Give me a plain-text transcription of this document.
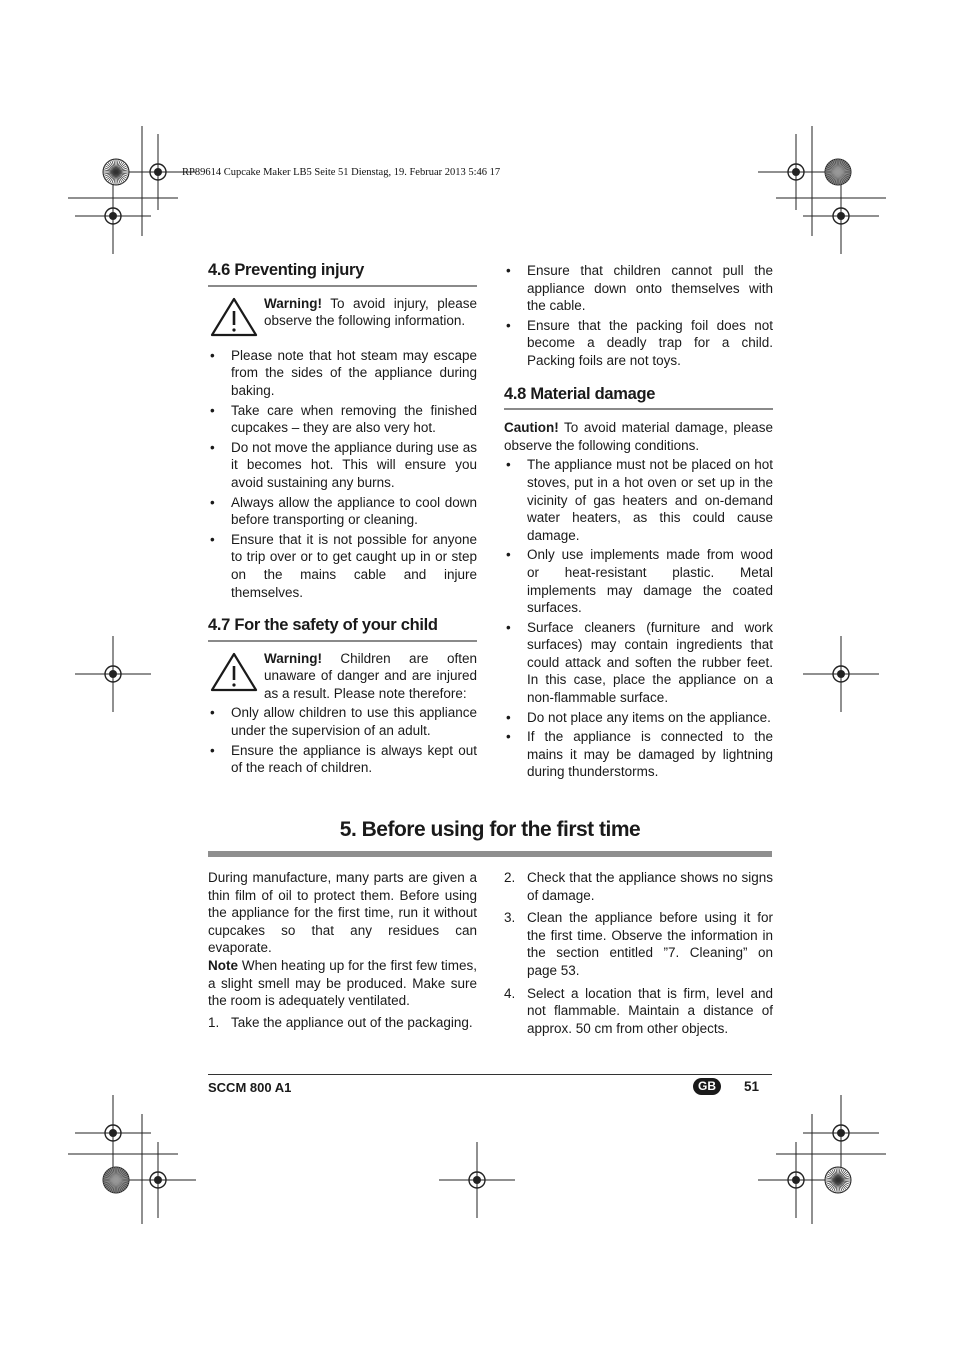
RP89614 Cupcake Maker LB5 Seite 51 Dienstag, 19. Februar 2013 5:46 17
4.6 Preventing injury
Warning! To avoid injury, please observe the following information.
• Please note that hot steam may escape from the sides of the appliance during baking.
• Take care when removing the finished cupcakes – they are also very hot.
• Do not move the appliance during use as it becomes hot. This will ensure you avoid sustaining any burns.
• Always allow the appliance to cool down before transporting or cleaning.
• Ensure that it is not possible for anyone to trip over or to get caught up in or step on the mains cable and injure themselves.
4.7 For the safety of your child
Warning! Children are often unaware of danger and are injured as a result. Please note therefore:
• Only allow children to use this appliance under the supervision of an adult.
• Ensure the appliance is always kept out of the reach of children.
• Ensure that children cannot pull the appliance down onto themselves with the cable.
• Ensure that the packing foil does not become a deadly trap for a child. Packing foils are not toys.
4.8 Material damage

Caution! To avoid material damage, please observe the following conditions.

• The appliance must not be placed on hot stoves, put in a hot oven or set up in the vicinity of gas heaters and on-demand water heaters, as this could cause damage.
• Only use implements made from wood or heat-resistant plastic. Metal implements may damage the coated surfaces.
• Surface cleaners (furniture and work surfaces) may contain ingredients that could attack and soften the rubber feet. In this case, place the appliance on a non-flammable surface.
• Do not place any items on the appliance.
• If the appliance is connected to the mains it may be damaged by lightning during thunderstorms.
5. Before using for the first time

During manufacture, many parts are given a thin film of oil to protect them. Before using the appliance for the first time, run it without cupcakes so that any residues can evaporate.

Note When heating up for the first few times, a slight smell may be produced. Make sure the room is adequately ventilated.

1. Take the appliance out of the packaging.
2. Check that the appliance shows no signs of damage.
3. Clean the appliance before using it for the first time. Observe the information in the section entitled ”7. Cleaning” on page 53.
4. Select a location that is firm, level and not flammable. Maintain a distance of approx. 50 cm from other objects.
SCCM 800 A1	GB	51
